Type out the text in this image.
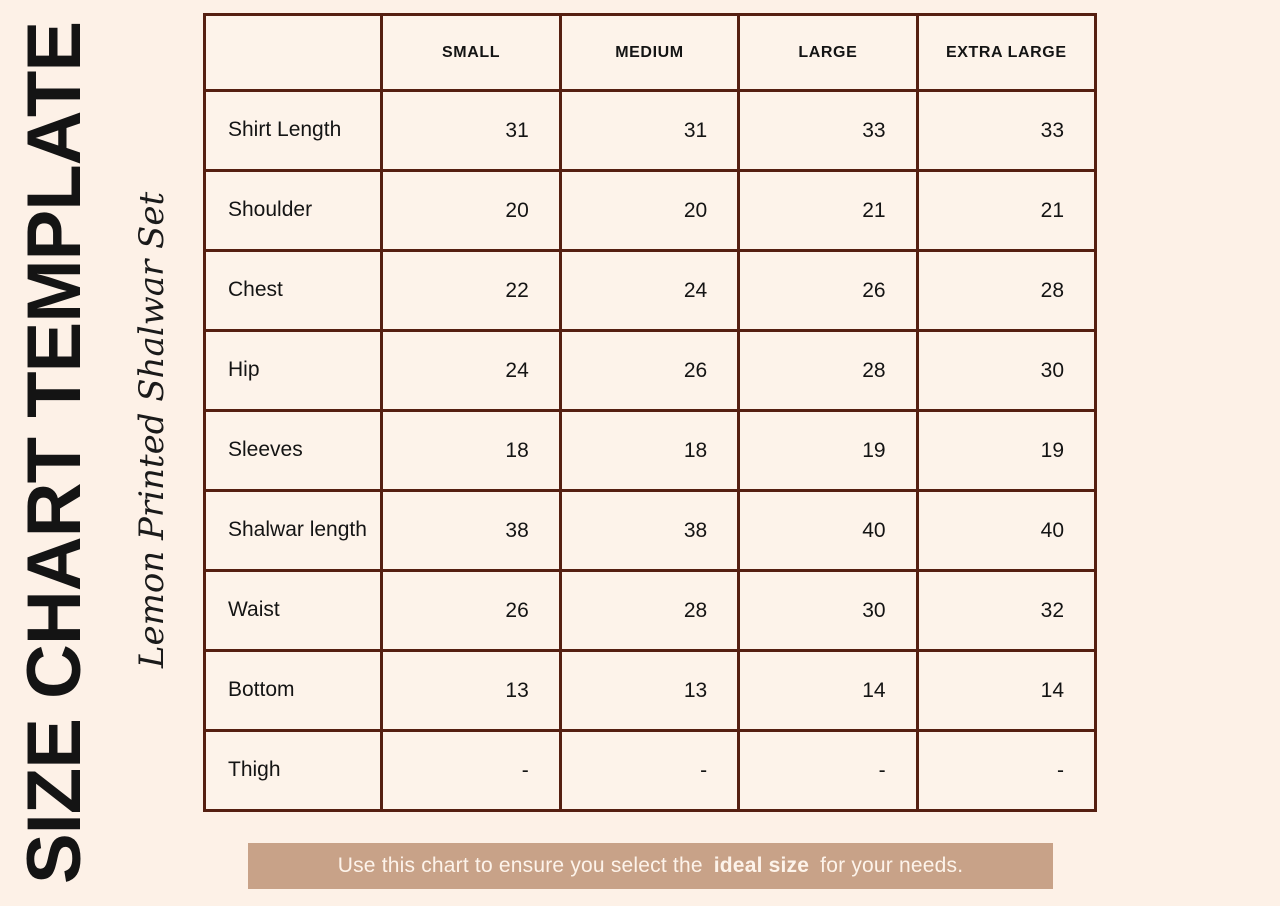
SIZE CHART TEMPLATE Lemon Printed Shalwar Set
	SMALL	MEDIUM	LARGE	EXTRA LARGE
Shirt Length	31	31	33	33
Shoulder	20	20	21	21
Chest	22	24	26	28
Hip	24	26	28	30
Sleeves	18	18	19	19
Shalwar length	38	38	40	40
Waist	26	28	30	32
Bottom	13	13	14	14
Thigh	-	-	-	-
Use this chart to ensure you select the ideal size for your needs.
